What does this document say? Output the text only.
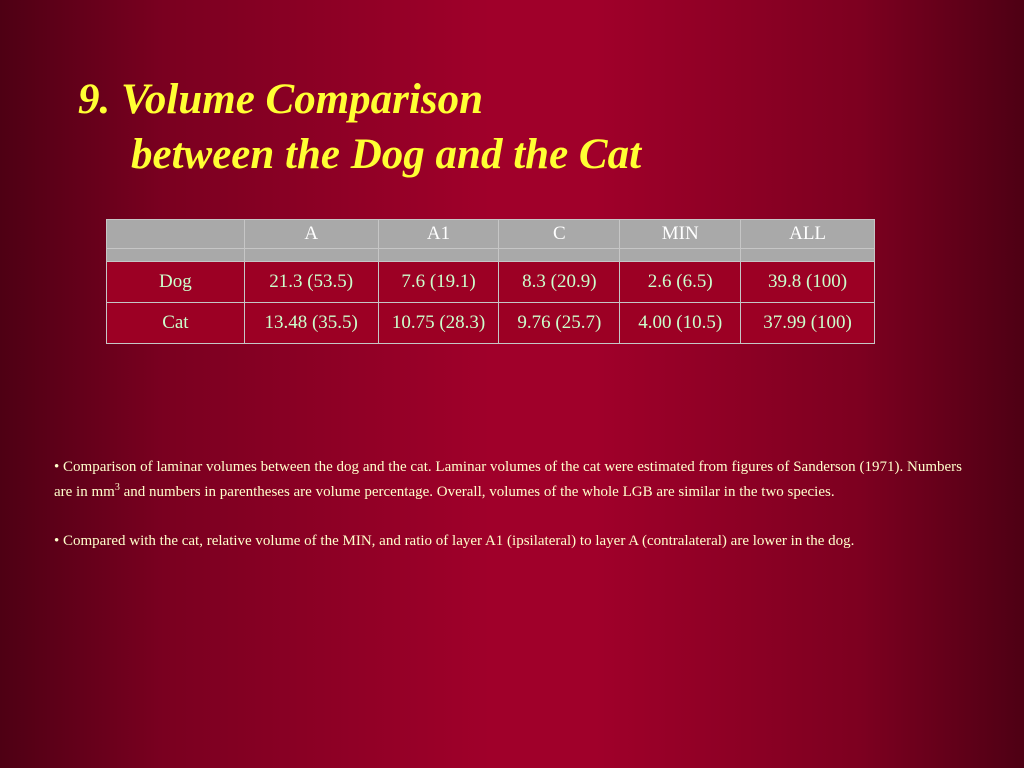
9. Volume Comparison
between the Dog and the Cat
	A	A1	C	MIN	ALL

Dog	21.3 (53.5)	7.6 (19.1)	8.3 (20.9)	2.6 (6.5)	39.8 (100)
Cat	13.48 (35.5)	10.75 (28.3)	9.76 (25.7)	4.00 (10.5)	37.99 (100)

• Comparison of laminar volumes between the dog and the cat. Laminar volumes of the cat were estimated from figures of Sanderson (1971). Numbers are in $mm^3$ and numbers in parentheses are volume percentage. Overall, volumes of the whole LGB are similar in the two species.

• Compared with the cat, relative volume of the MIN, and ratio of layer A1 (ipsilateral) to layer A (contralateral) are lower in the dog.
